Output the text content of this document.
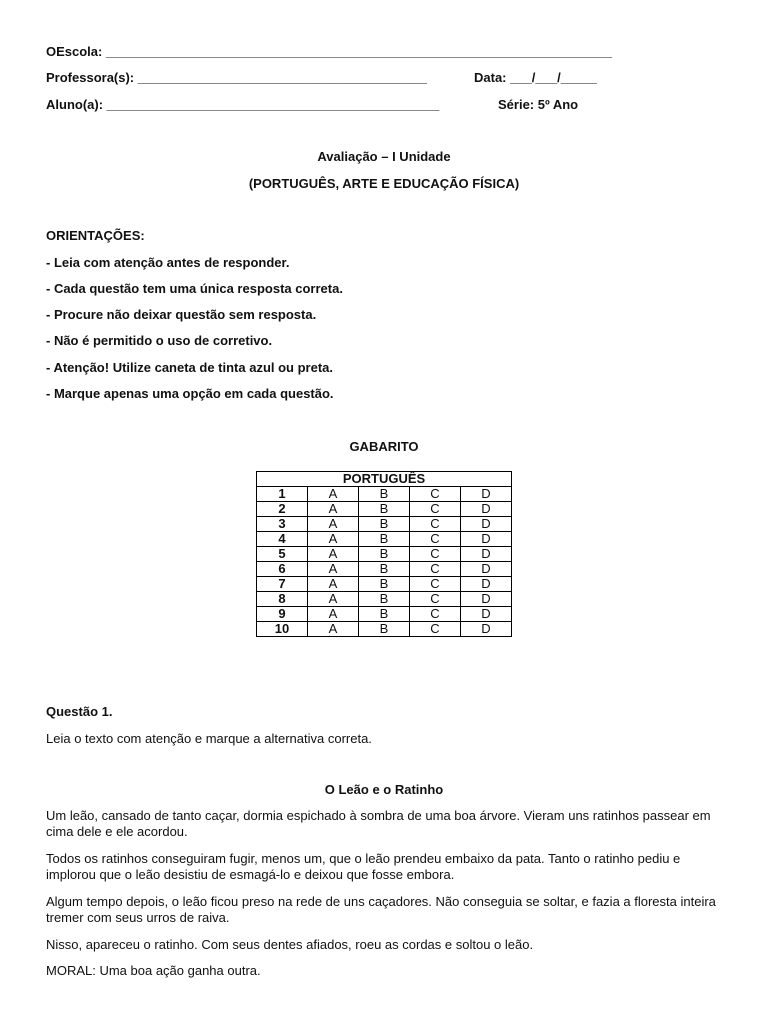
OEscola: ______________________________________________________________________
Professora(s): ________________________________________	Data: ___/___/_____
Aluno(a): ______________________________________________	Série: 5º Ano
Avaliação – I Unidade
(PORTUGUÊS, ARTE E EDUCAÇÃO FÍSICA)
ORIENTAÇÕES:
- Leia com atenção antes de responder.
- Cada questão tem uma única resposta correta.
- Procure não deixar questão sem resposta.
- Não é permitido o uso de corretivo.
- Atenção! Utilize caneta de tinta azul ou preta.
- Marque apenas uma opção em cada questão.
GABARITO
PORTUGUÊS				
1	A	B	C	D
2	A	B	C	D
3	A	B	C	D
4	A	B	C	D
5	A	B	C	D
6	A	B	C	D
7	A	B	C	D
8	A	B	C	D
9	A	B	C	D
10	A	B	C	D
Questão 1.
Leia o texto com atenção e marque a alternativa correta.
O Leão e o Ratinho
Um leão, cansado de tanto caçar, dormia espichado à sombra de uma boa árvore. Vieram uns ratinhos passear em cima dele e ele acordou.
Todos os ratinhos conseguiram fugir, menos um, que o leão prendeu embaixo da pata. Tanto o ratinho pediu e implorou que o leão desistiu de esmagá-lo e deixou que fosse embora.
Algum tempo depois, o leão ficou preso na rede de uns caçadores. Não conseguia se soltar, e fazia a floresta inteira tremer com seus urros de raiva.
Nisso, apareceu o ratinho. Com seus dentes afiados, roeu as cordas e soltou o leão.
MORAL: Uma boa ação ganha outra.
